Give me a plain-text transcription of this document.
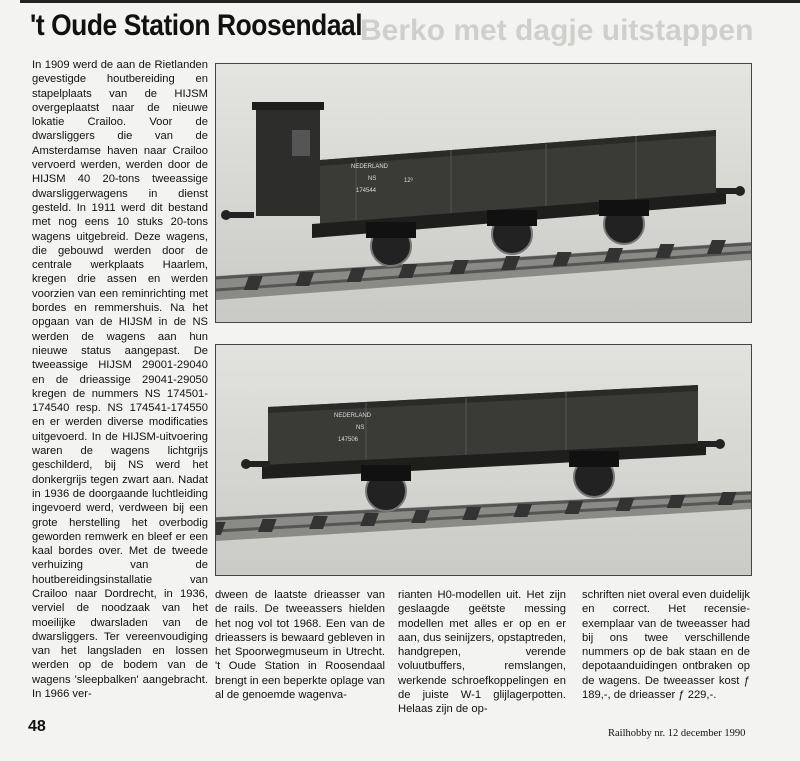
Berko met dagje uitstappen
't Oude Station Roosendaal

In 1909 werd de aan de Rietlanden gevestigde houtbereiding en stapelplaats van de HIJSM overgeplaatst naar de nieuwe lokatie Crailoo. Voor de dwarsliggers die van de Amsterdamse haven naar Crailoo vervoerd werden, werden door de HIJSM 40 20-tons tweeassige dwarsliggerwagens in dienst gesteld. In 1911 werd dit bestand met nog eens 10 stuks 20-tons wagens uitgebreid. Deze wagens, die gebouwd werden door de centrale werkplaats Haarlem, kregen drie assen en werden voorzien van een reminrichting met bordes en remmershuis. Na het opgaan van de HIJSM in de NS werden de wagens aan hun nieuwe status aangepast. De tweeassige HIJSM 29001-29040 en de drieassige 29041-29050 kregen de nummers NS 174501-174540 resp. NS 174541-174550 en er werden diverse modificaties uitgevoerd. In de HIJSM-uitvoering waren de wagens lichtgrijs geschilderd, bij NS werd het donkergrijs tegen zwart aan. Nadat in 1936 de doorgaande luchtleiding ingevoerd werd, verdween bij een grote herstelling het overbodig geworden remwerk en bleef er een kaal bordes over. Met de tweede verhuizing van de houtbereidingsinstallatie van Crailoo naar Dordrecht, in 1936, verviel de noodzaak van het moeilijke dwarsladen van de dwarsliggers. Ter vereenvoudiging van het langsladen en lossen werden op de bodem van de wagens 'sleepbalken' aangebracht. In 1966 ver-

NEDERLAND
NS
174544
12³
NEDERLAND
NS
147506

dween de laatste drieasser van de rails. De tweeassers hielden het nog vol tot 1968. Een van de drieassers is bewaard gebleven in het Spoorwegmuseum in Utrecht. 't Oude Station in Roosendaal brengt in een beperkte oplage van al de genoemde wagenva-

rianten H0-modellen uit. Het zijn geslaagde geëtste messing modellen met alles er op en er aan, dus seinijzers, opstaptreden, handgrepen, verende voluutbuffers, remslangen, werkende schroefkoppelingen en de juiste W-1 glijlagerpotten. Helaas zijn de op-

schriften niet overal even duidelijk en correct. Het recensie-exemplaar van de tweeasser had bij ons twee verschillende nummers op de bak staan en de depotaanduidingen ontbraken op de wagens. De tweeasser kost ƒ 189,-, de drieasser ƒ 229,-.

48	Railhobby nr. 12 december 1990
